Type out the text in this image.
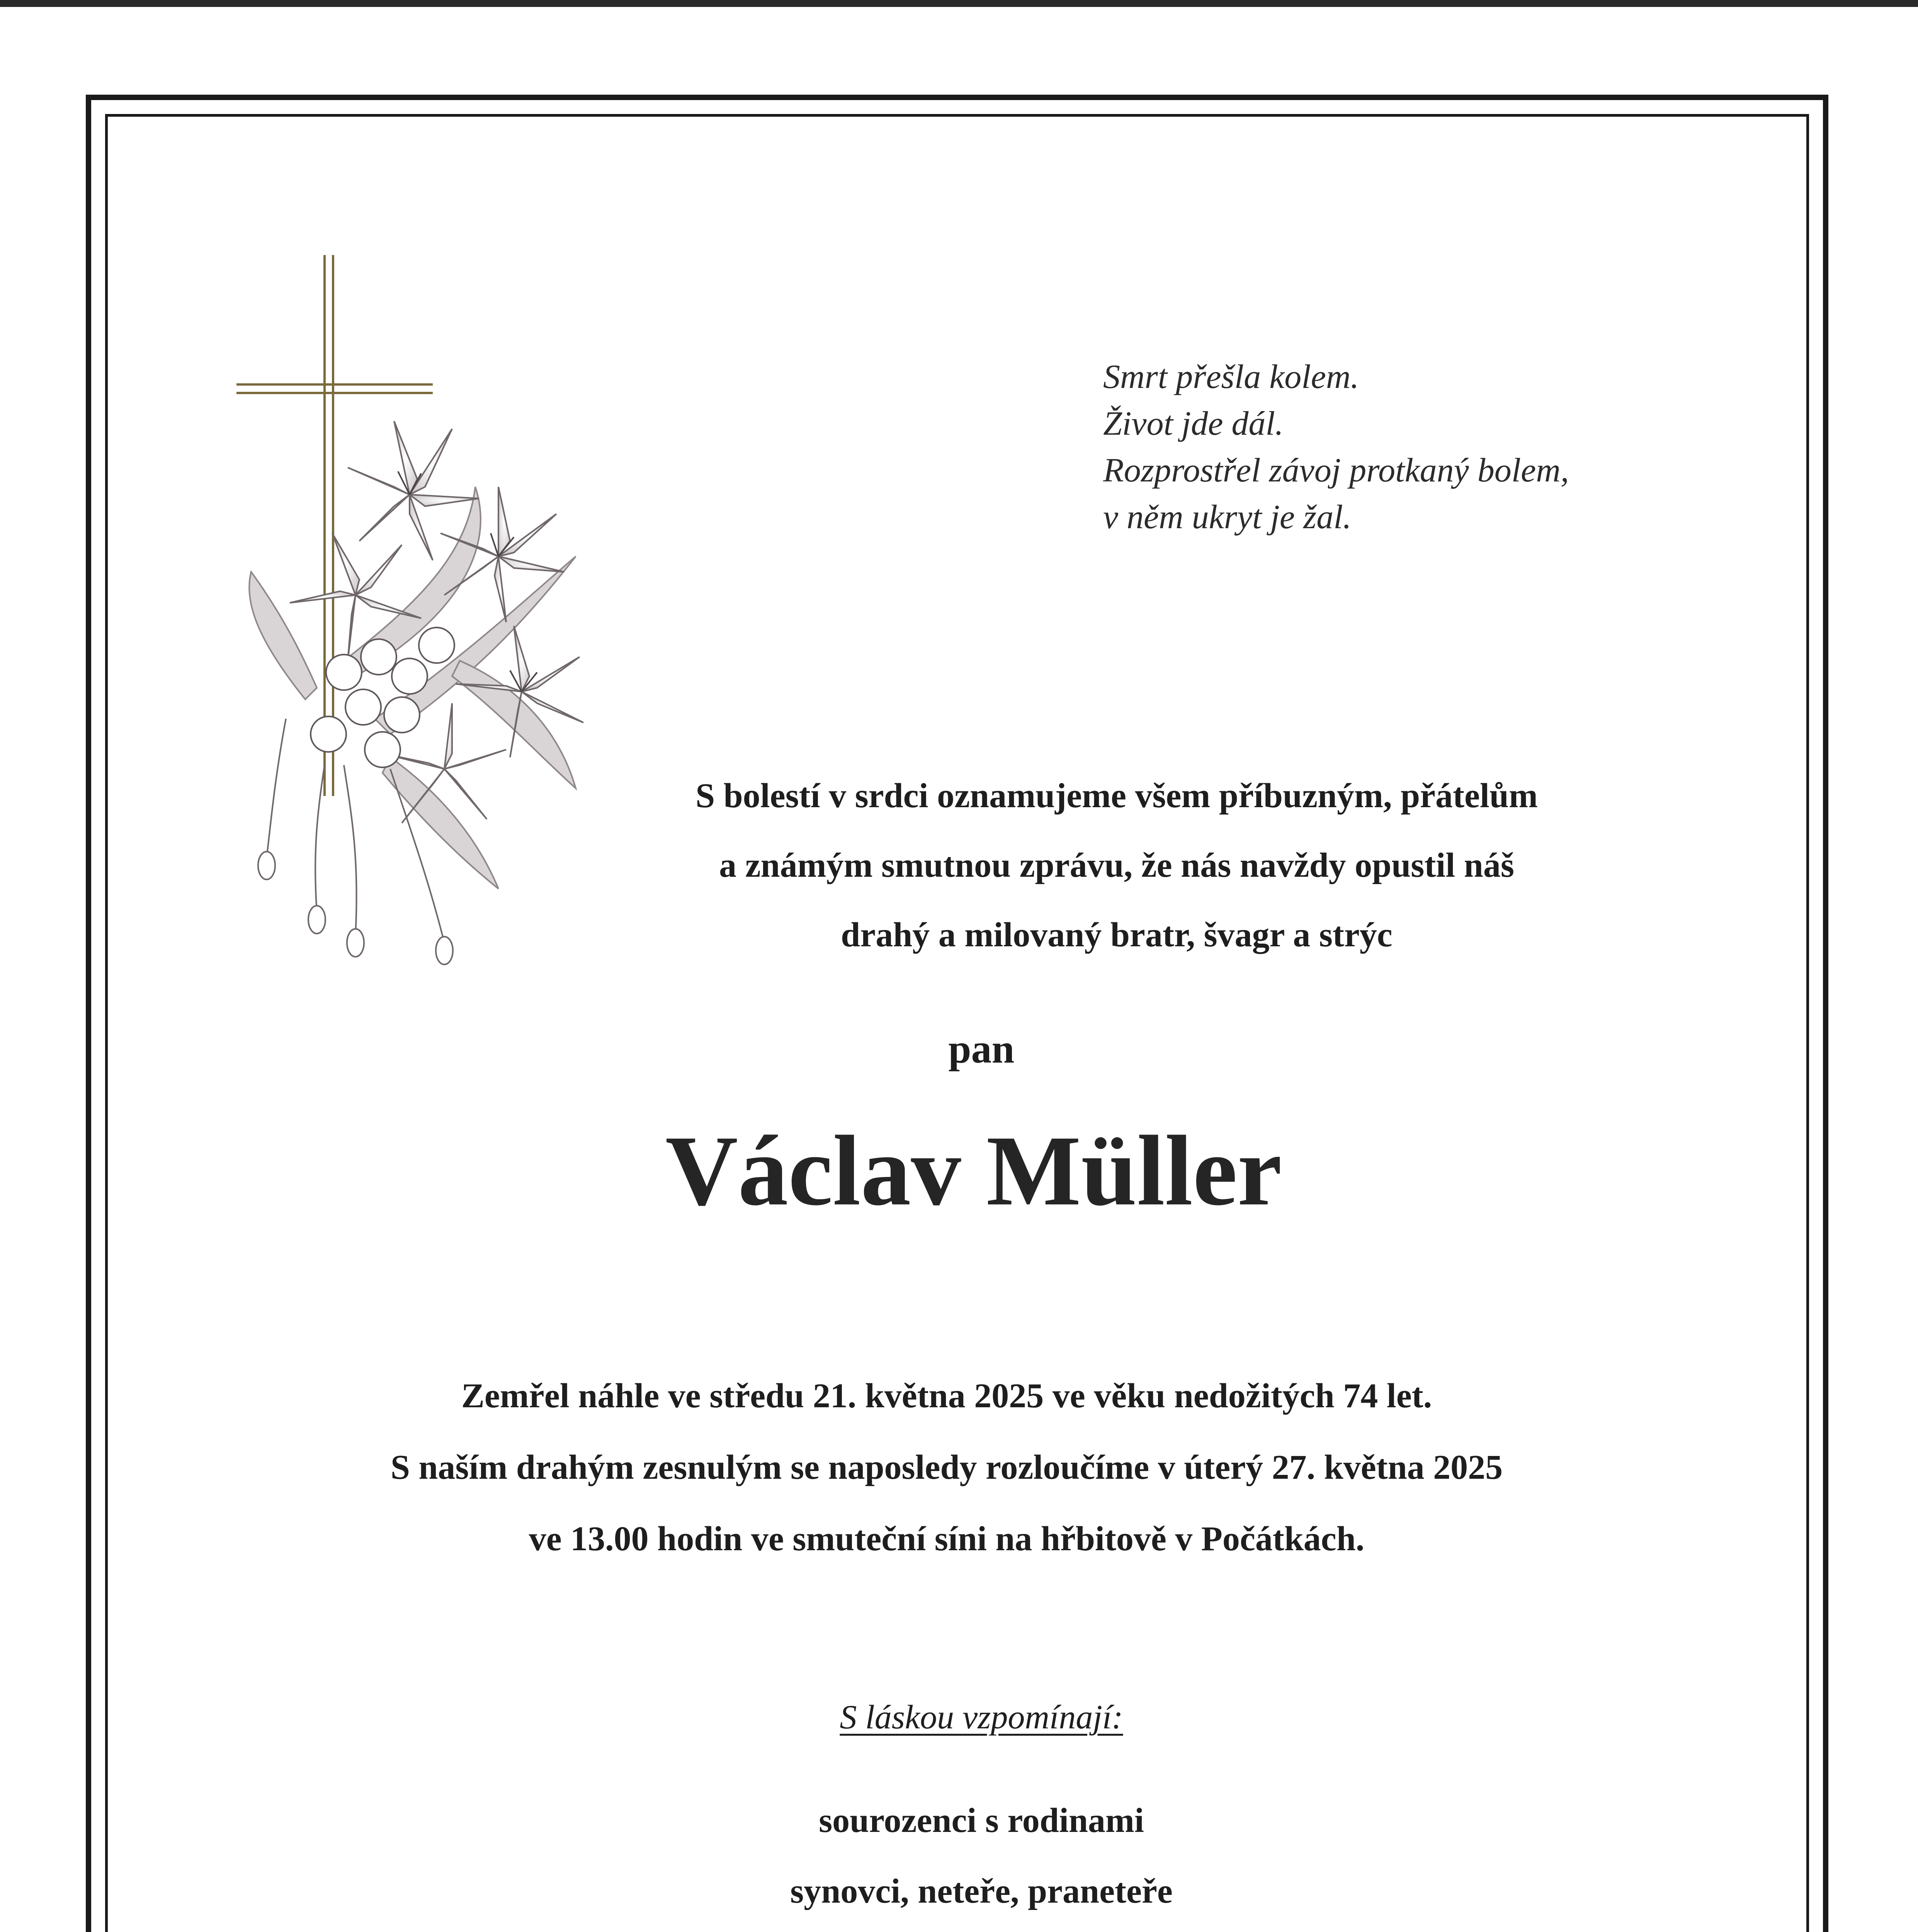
Smrt přešla kolem.
Život jde dál.
Rozprostřel závoj protkaný bolem,
v něm ukryt je žal.
S bolestí v srdci oznamujeme všem příbuzným, přátelům
a známým smutnou zprávu, že nás navždy opustil náš
drahý a milovaný bratr, švagr a strýc
pan
Václav Müller
Zemřel náhle ve středu 21. května 2025 ve věku nedožitých 74 let.
S naším drahým zesnulým se naposledy rozloučíme v úterý 27. května 2025
ve 13.00 hodin ve smuteční síni na hřbitově v Počátkách.
S láskou vzpomínají:
sourozenci s rodinami
synovci, neteře, praneteře
